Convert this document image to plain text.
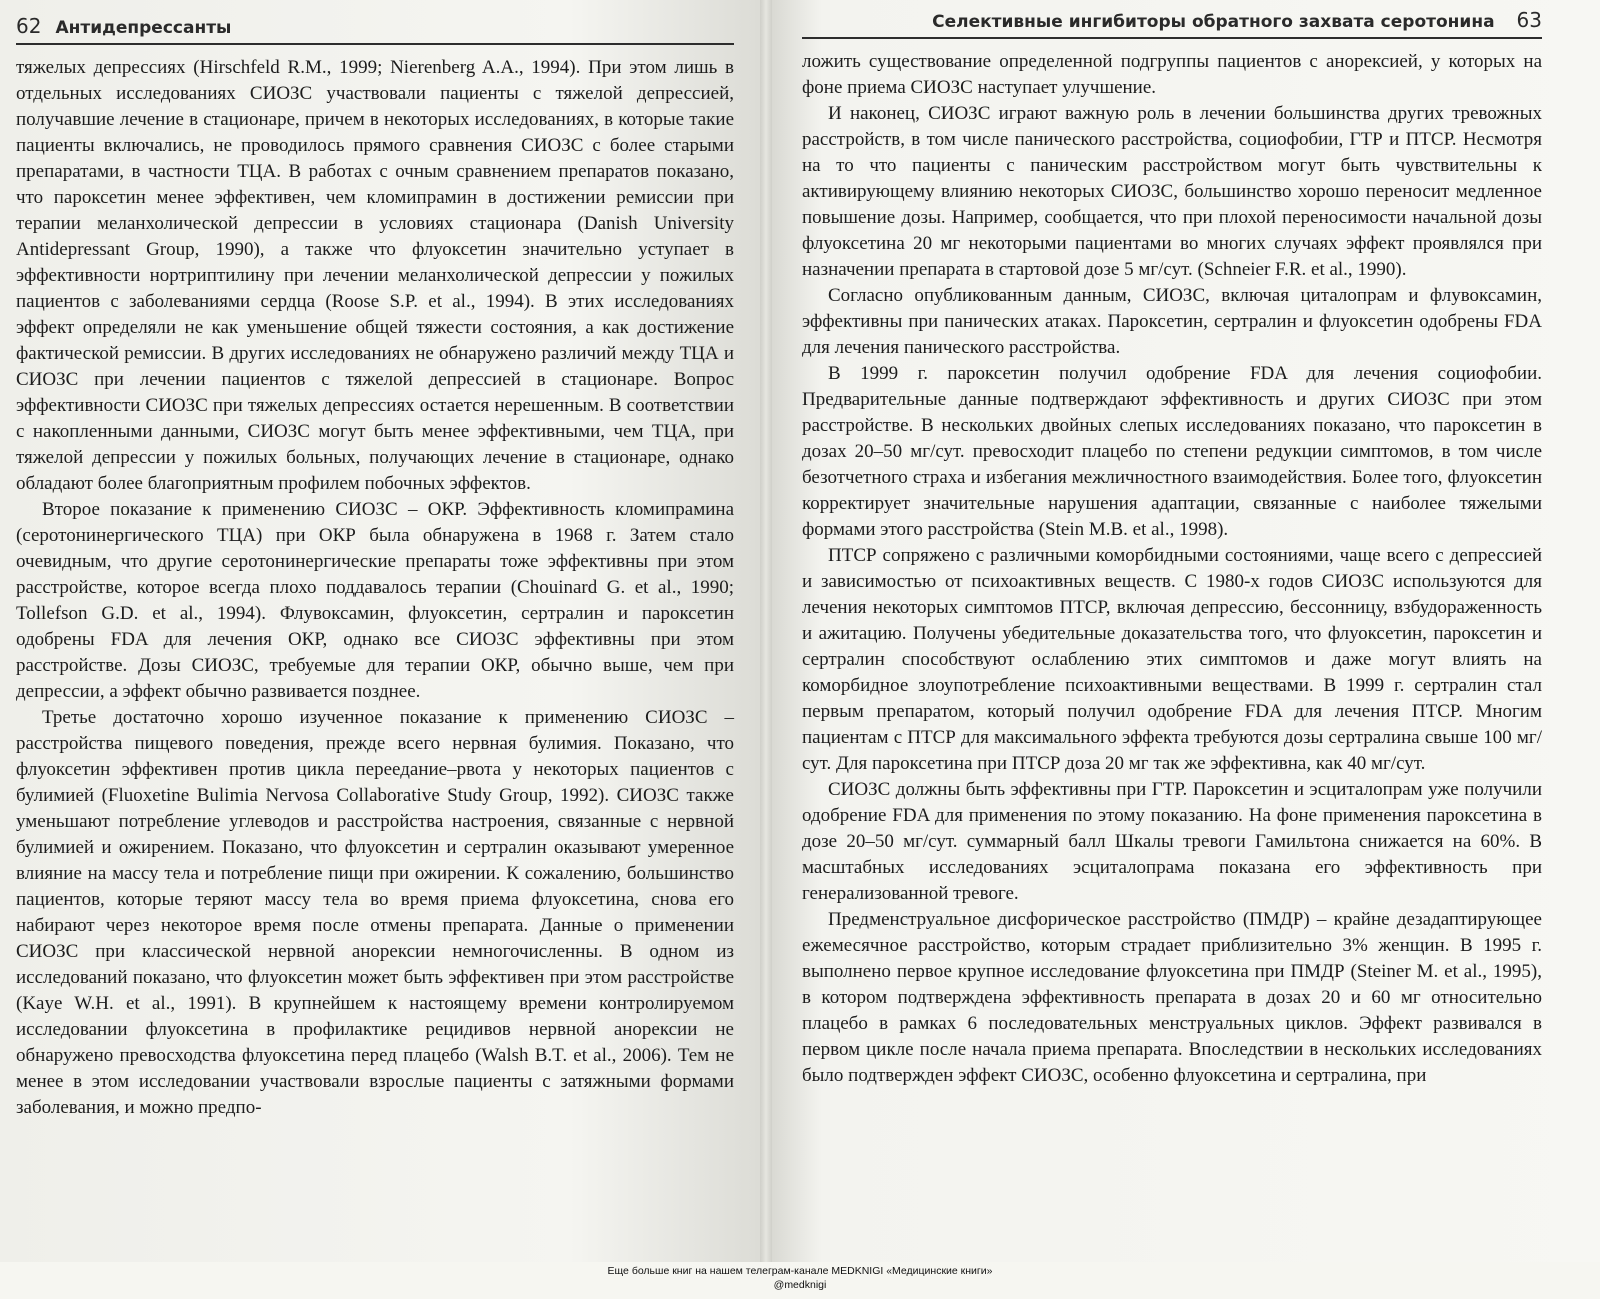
62 Антидепрессанты

тяжелых депрессиях (Hirschfeld R.M., 1999; Nierenberg A.A., 1994). При этом лишь в отдельных исследованиях СИОЗС участвовали пациенты с тяжелой депрессией, получавшие лечение в стационаре, причем в некоторых исследованиях, в которые такие пациенты включались, не проводилось прямого сравнения СИОЗС с более старыми препаратами, в частности ТЦА. В работах с очным сравнением препаратов показано, что пароксетин менее эффективен, чем кломипрамин в достижении ремиссии при терапии меланхолической депрессии в условиях стационара (Danish University Antidepressant Group, 1990), а также что флуоксетин значительно уступает в эффективности нортриптилину при лечении меланхолической депрессии у пожилых пациентов с заболеваниями сердца (Roose S.P. et al., 1994). В этих исследованиях эффект определяли не как уменьшение общей тяжести состояния, а как достижение фактической ремиссии. В других исследованиях не обнаружено различий между ТЦА и СИОЗС при лечении пациентов с тяжелой депрессией в стационаре. Вопрос эффективности СИОЗС при тяжелых депрессиях остается нерешенным. В соответствии с накопленными данными, СИОЗС могут быть менее эффективными, чем ТЦА, при тяжелой депрессии у пожилых больных, получающих лечение в стационаре, однако обладают более благоприятным профилем побочных эффектов.

Второе показание к применению СИОЗС – ОКР. Эффективность кломипрамина (серотонинергического ТЦА) при ОКР была обнаружена в 1968 г. Затем стало очевидным, что другие серотонинергические препараты тоже эффективны при этом расстройстве, которое всегда плохо поддавалось терапии (Chouinard G. et al., 1990; Tollefson G.D. et al., 1994). Флувоксамин, флуоксетин, сертралин и пароксетин одобрены FDA для лечения ОКР, однако все СИОЗС эффективны при этом расстройстве. Дозы СИОЗС, требуемые для терапии ОКР, обычно выше, чем при депрессии, а эффект обычно развивается позднее.

Третье достаточно хорошо изученное показание к применению СИОЗС – расстройства пищевого поведения, прежде всего нервная булимия. Показано, что флуоксетин эффективен против цикла переедание–рвота у некоторых пациентов с булимией (Fluoxetine Bulimia Nervosa Collaborative Study Group, 1992). СИОЗС также уменьшают потребление углеводов и расстройства настроения, связанные с нервной булимией и ожирением. Показано, что флуоксетин и сертралин оказывают умеренное влияние на массу тела и потребление пищи при ожирении. К сожалению, большинство пациентов, которые теряют массу тела во время приема флуоксетина, снова его набирают через некоторое время после отмены препарата. Данные о применении СИОЗС при классической нервной анорексии немногочисленны. В одном из исследований показано, что флуоксетин может быть эффективен при этом расстройстве (Kaye W.H. et al., 1991). В крупнейшем к настоящему времени контролируемом исследовании флуоксетина в профилактике рецидивов нервной анорексии не обнаружено превосходства флуоксетина перед плацебо (Walsh B.T. et al., 2006). Тем не менее в этом исследовании участвовали взрослые пациенты с затяжными формами заболевания, и можно предпо-

Селективные ингибиторы обратного захвата серотонина 63

ложить существование определенной подгруппы пациентов с анорексией, у которых на фоне приема СИОЗС наступает улучшение.

И наконец, СИОЗС играют важную роль в лечении большинства других тревожных расстройств, в том числе панического расстройства, социофобии, ГТР и ПТСР. Несмотря на то что пациенты с паническим расстройством могут быть чувствительны к активирующему влиянию некоторых СИОЗС, большинство хорошо переносит медленное повышение дозы. Например, сообщается, что при плохой переносимости начальной дозы флуоксетина 20 мг некоторыми пациентами во многих случаях эффект проявлялся при назначении препарата в стартовой дозе 5 мг/сут. (Schneier F.R. et al., 1990).

Согласно опубликованным данным, СИОЗС, включая циталопрам и флувоксамин, эффективны при панических атаках. Пароксетин, сертралин и флуоксетин одобрены FDA для лечения панического расстройства.

В 1999 г. пароксетин получил одобрение FDA для лечения социофобии. Предварительные данные подтверждают эффективность и других СИОЗС при этом расстройстве. В нескольких двойных слепых исследованиях показано, что пароксетин в дозах 20–50 мг/сут. превосходит плацебо по степени редукции симптомов, в том числе безотчетного страха и избегания межличностного взаимодействия. Более того, флуоксетин корректирует значительные нарушения адаптации, связанные с наиболее тяжелыми формами этого расстройства (Stein M.B. et al., 1998).

ПТСР сопряжено с различными коморбидными состояниями, чаще всего с депрессией и зависимостью от психоактивных веществ. С 1980-х годов СИОЗС используются для лечения некоторых симптомов ПТСР, включая депрессию, бессонницу, взбудораженность и ажитацию. Получены убедительные доказательства того, что флуоксетин, пароксетин и сертралин способствуют ослаблению этих симптомов и даже могут влиять на коморбидное злоупотребление психоактивными веществами. В 1999 г. сертралин стал первым препаратом, который получил одобрение FDA для лечения ПТСР. Многим пациентам с ПТСР для максимального эффекта требуются дозы сертралина свыше 100 мг/сут. Для пароксетина при ПТСР доза 20 мг так же эффективна, как 40 мг/сут.

СИОЗС должны быть эффективны при ГТР. Пароксетин и эсциталопрам уже получили одобрение FDA для применения по этому показанию. На фоне применения пароксетина в дозе 20–50 мг/сут. суммарный балл Шкалы тревоги Гамильтона снижается на 60%. В масштабных исследованиях эсциталопрама показана его эффективность при генерализованной тревоге.

Предменструальное дисфорическое расстройство (ПМДР) – крайне дезадаптирующее ежемесячное расстройство, которым страдает приблизительно 3% женщин. В 1995 г. выполнено первое крупное исследование флуоксетина при ПМДР (Steiner M. et al., 1995), в котором подтверждена эффективность препарата в дозах 20 и 60 мг относительно плацебо в рамках 6 последовательных менструальных циклов. Эффект развивался в первом цикле после начала приема препарата. Впоследствии в нескольких исследованиях было подтвержден эффект СИОЗС, особенно флуоксетина и сертралина, при

Еще больше книг на нашем телеграм-канале MEDKNIGI «Медицинские книги»
@medknigi
